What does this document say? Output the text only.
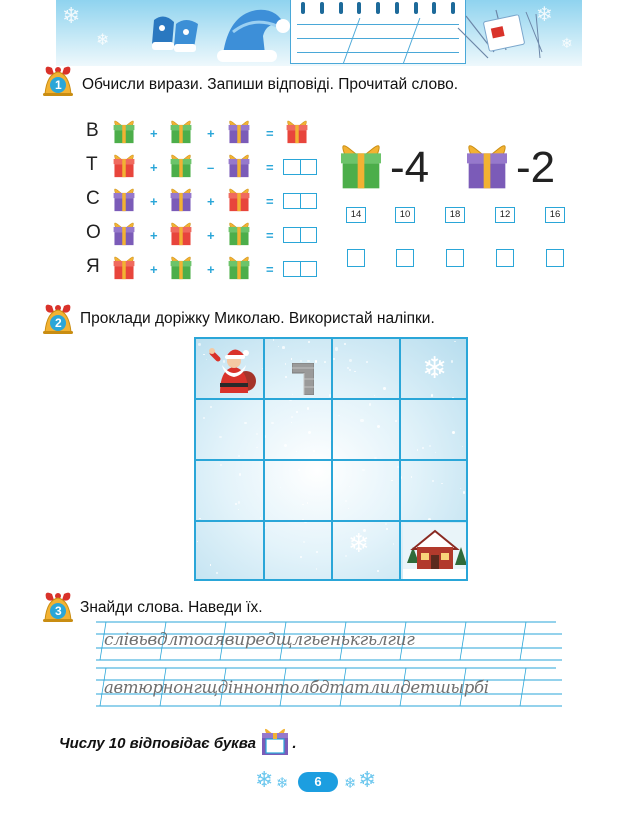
❄
❄
❄
❄
1 Обчисли вирази. Запиши відповіді. Прочитай слово.
В	+	+	=
Т	+	–	=
С	+	+	=
О	+	+	=
Я	+	+	=
-4 -2
14	10	18	12	16
2 Проклади доріжку Миколаю. Використай наліпки.
❄
❄
3 Знайди слова. Наведи їх.
слівьвдлтоаявиредщлгьенькгьлгиг
автюрнонгщдіннонтолбдтатлилдетшырбі
Числу 10 відповідає буква .
❄ ❄	6	❄ ❄
